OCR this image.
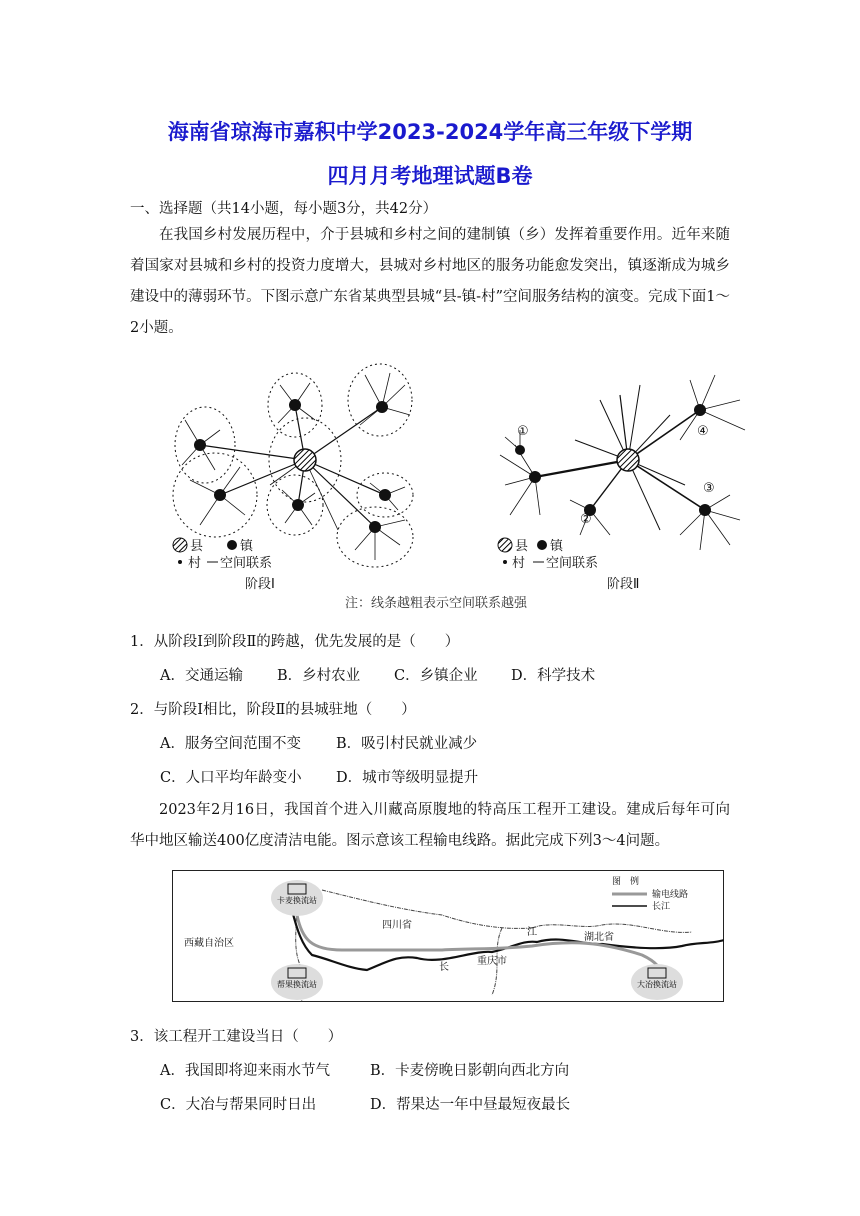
海南省琼海市嘉积中学2023-2024学年高三年级下学期
四月月考地理试题B卷
一、选择题（共14小题，每小题3分，共42分）
在我国乡村发展历程中，介于县城和乡村之间的建制镇（乡）发挥着重要作用。近年来随着国家对县城和乡村的投资力度增大，县城对乡村地区的服务功能愈发突出，镇逐渐成为城乡建设中的薄弱环节。下图示意广东省某典型县城“县-镇-村”空间服务结构的演变。完成下面1～2小题。
①
②
③
④
县	镇
村 空间联系
阶段Ⅰ
县 镇
村 空间联系
阶段Ⅱ
注：线条越粗表示空间联系越强
1．从阶段Ⅰ到阶段Ⅱ的跨越，优先发展的是（　　）
A．交通运输 B．乡村农业 C．乡镇企业 D．科学技术
2．与阶段Ⅰ相比，阶段Ⅱ的县城驻地（　　）
A．服务空间范围不变 B．吸引村民就业减少
C．人口平均年龄变小 D．城市等级明显提升
2023年2月16日，我国首个进入川藏高原腹地的特高压工程开工建设。建成后每年可向华中地区输送400亿度清洁电能。图示意该工程输电线路。据此完成下列3～4问题。
卡麦换流站
帮果换流站	大冶换流站
西藏自治区
四川省
重庆市
湖北省
江
长
图　例
输电线路
长江
3．该工程开工建设当日（　　）
A．我国即将迎来雨水节气	B．卡麦傍晚日影朝向西北方向
C．大冶与帮果同时日出	D．帮果达一年中昼最短夜最长
